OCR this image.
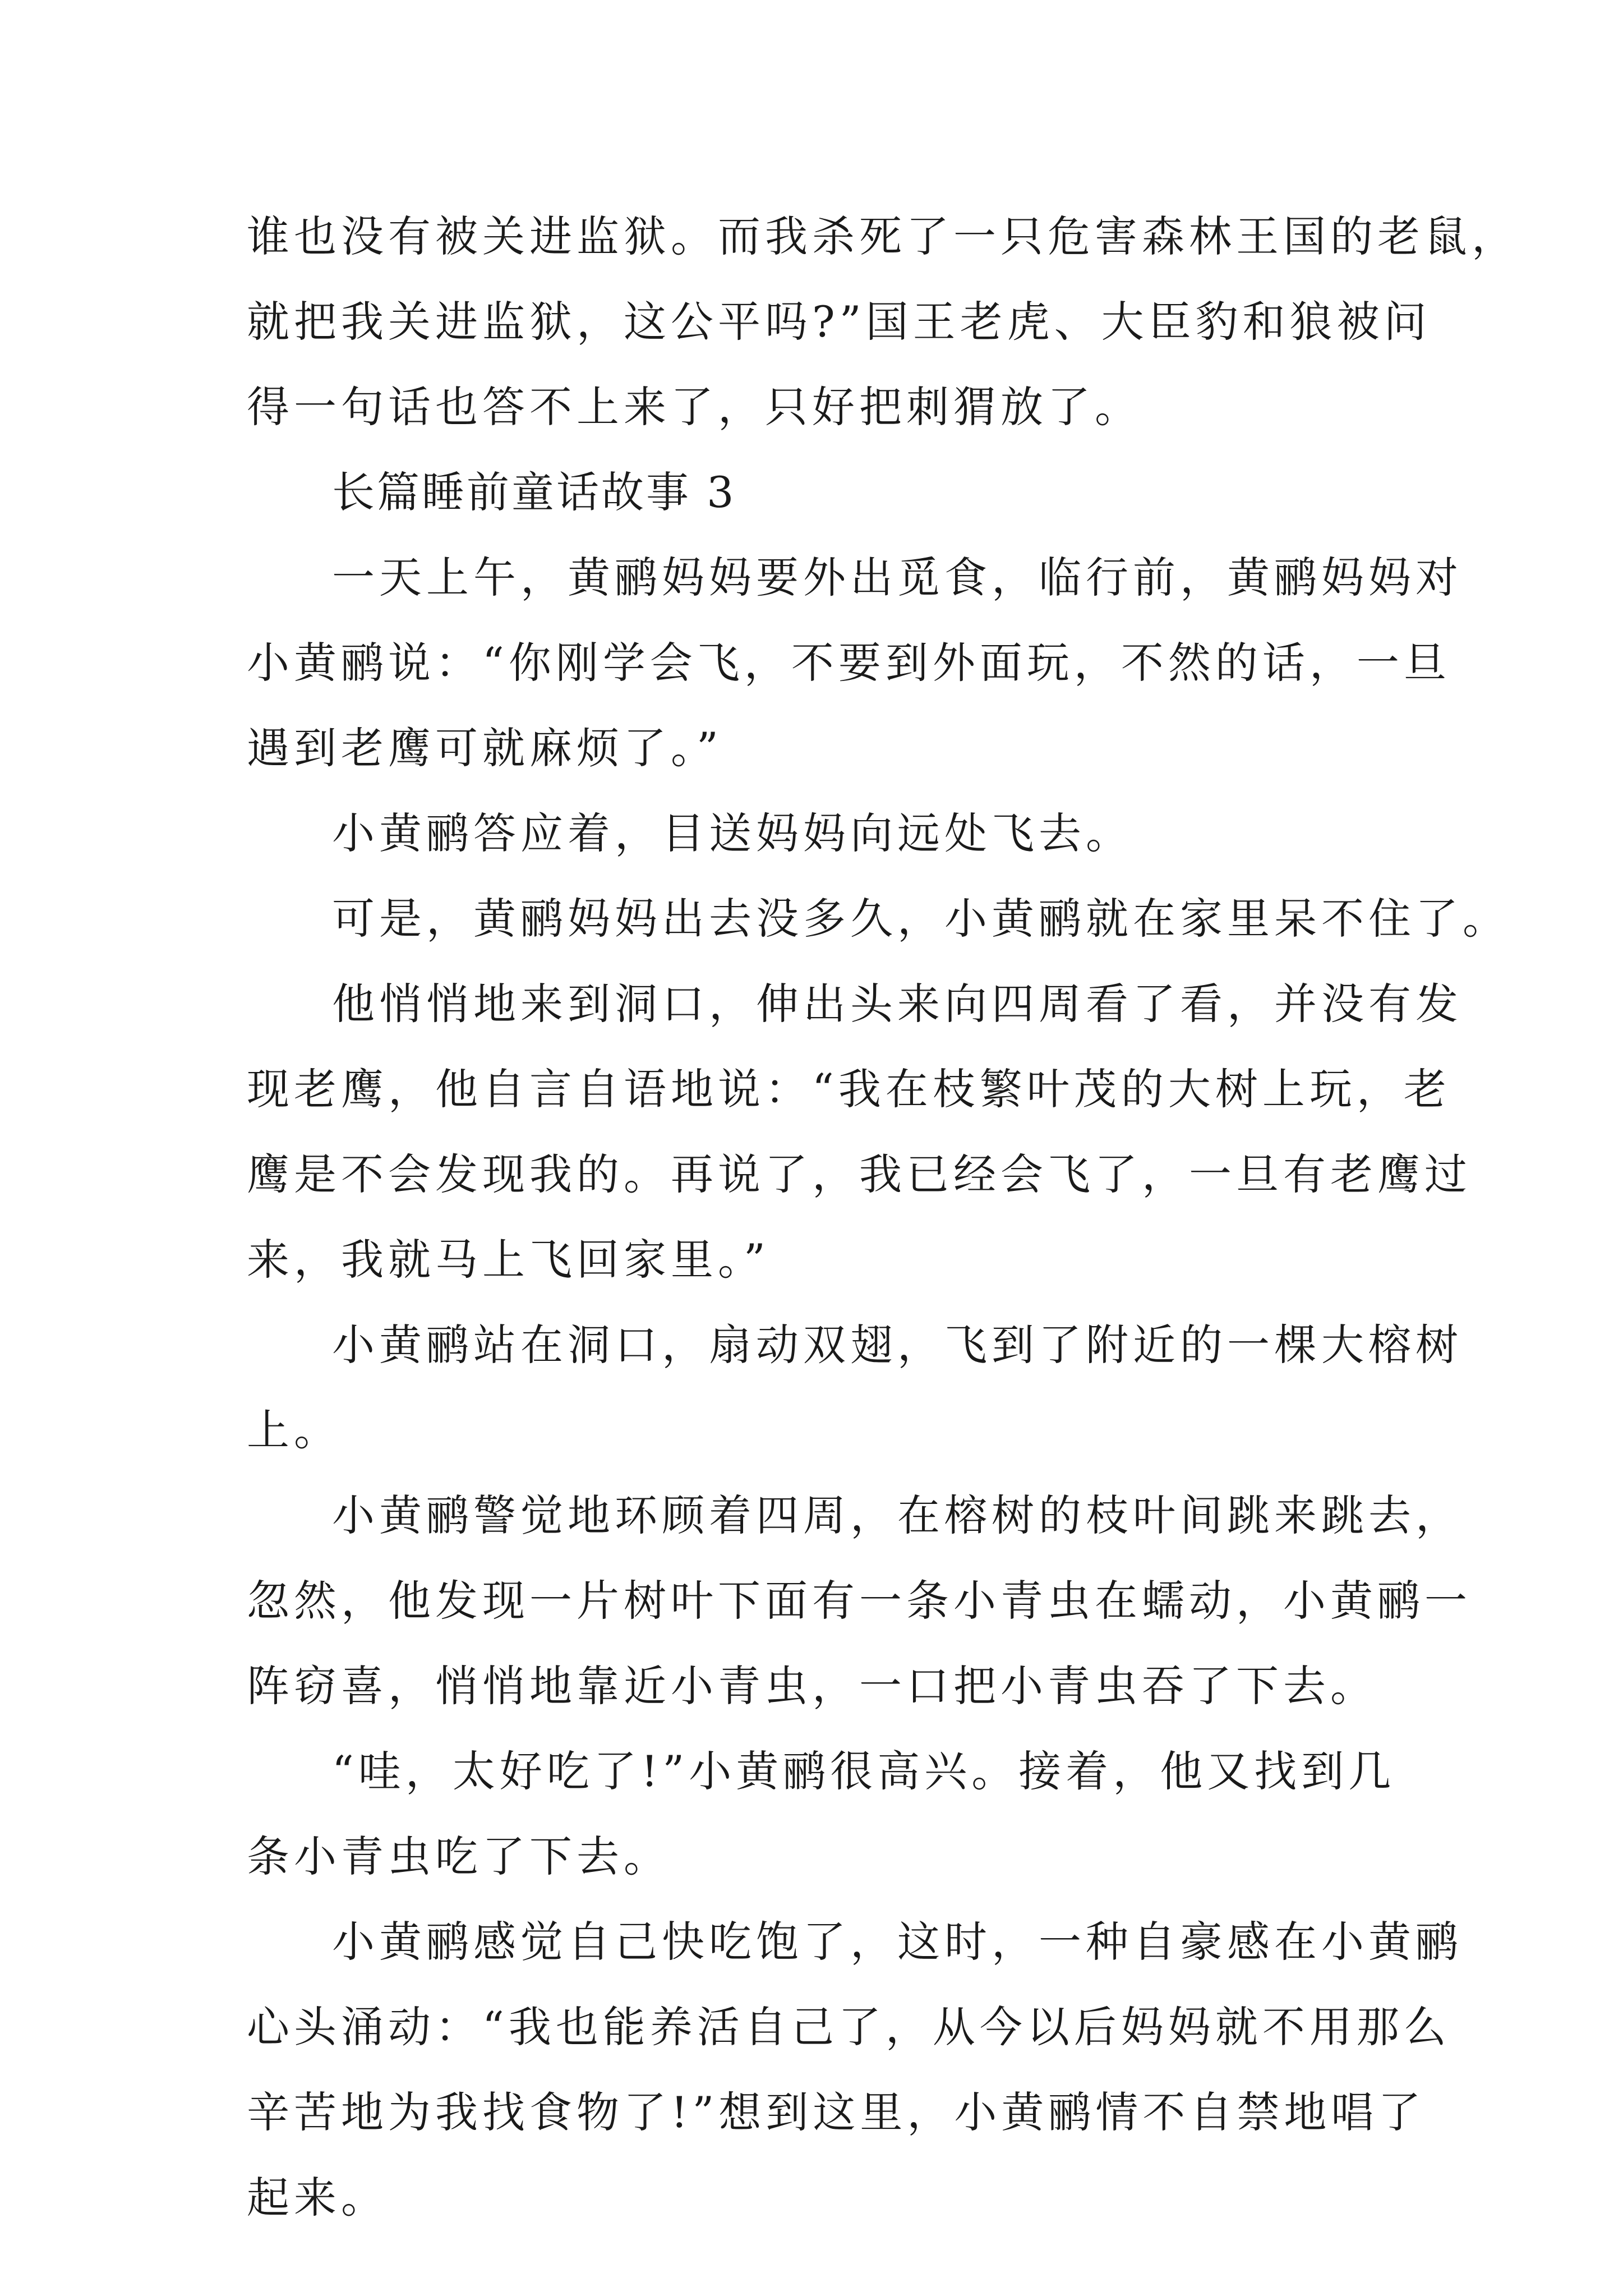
谁也没有被关进监狱。而我杀死了一只危害森林王国的老鼠，
就把我关进监狱，这公平吗?”国王老虎、大臣豹和狼被问
得一句话也答不上来了，只好把刺猬放了。
长篇睡前童话故事 3
一天上午，黄鹂妈妈要外出觅食，临行前，黄鹂妈妈对
小黄鹂说：“你刚学会飞，不要到外面玩，不然的话，一旦
遇到老鹰可就麻烦了。”
小黄鹂答应着，目送妈妈向远处飞去。
可是，黄鹂妈妈出去没多久，小黄鹂就在家里呆不住了。
他悄悄地来到洞口，伸出头来向四周看了看，并没有发
现老鹰，他自言自语地说：“我在枝繁叶茂的大树上玩，老
鹰是不会发现我的。再说了，我已经会飞了，一旦有老鹰过
来，我就马上飞回家里。”
小黄鹂站在洞口，扇动双翅，飞到了附近的一棵大榕树
上。
小黄鹂警觉地环顾着四周，在榕树的枝叶间跳来跳去，
忽然，他发现一片树叶下面有一条小青虫在蠕动，小黄鹂一
阵窃喜，悄悄地靠近小青虫，一口把小青虫吞了下去。
“哇，太好吃了!”小黄鹂很高兴。接着，他又找到几
条小青虫吃了下去。
小黄鹂感觉自己快吃饱了，这时，一种自豪感在小黄鹂
心头涌动：“我也能养活自己了，从今以后妈妈就不用那么
辛苦地为我找食物了!”想到这里，小黄鹂情不自禁地唱了
起来。
